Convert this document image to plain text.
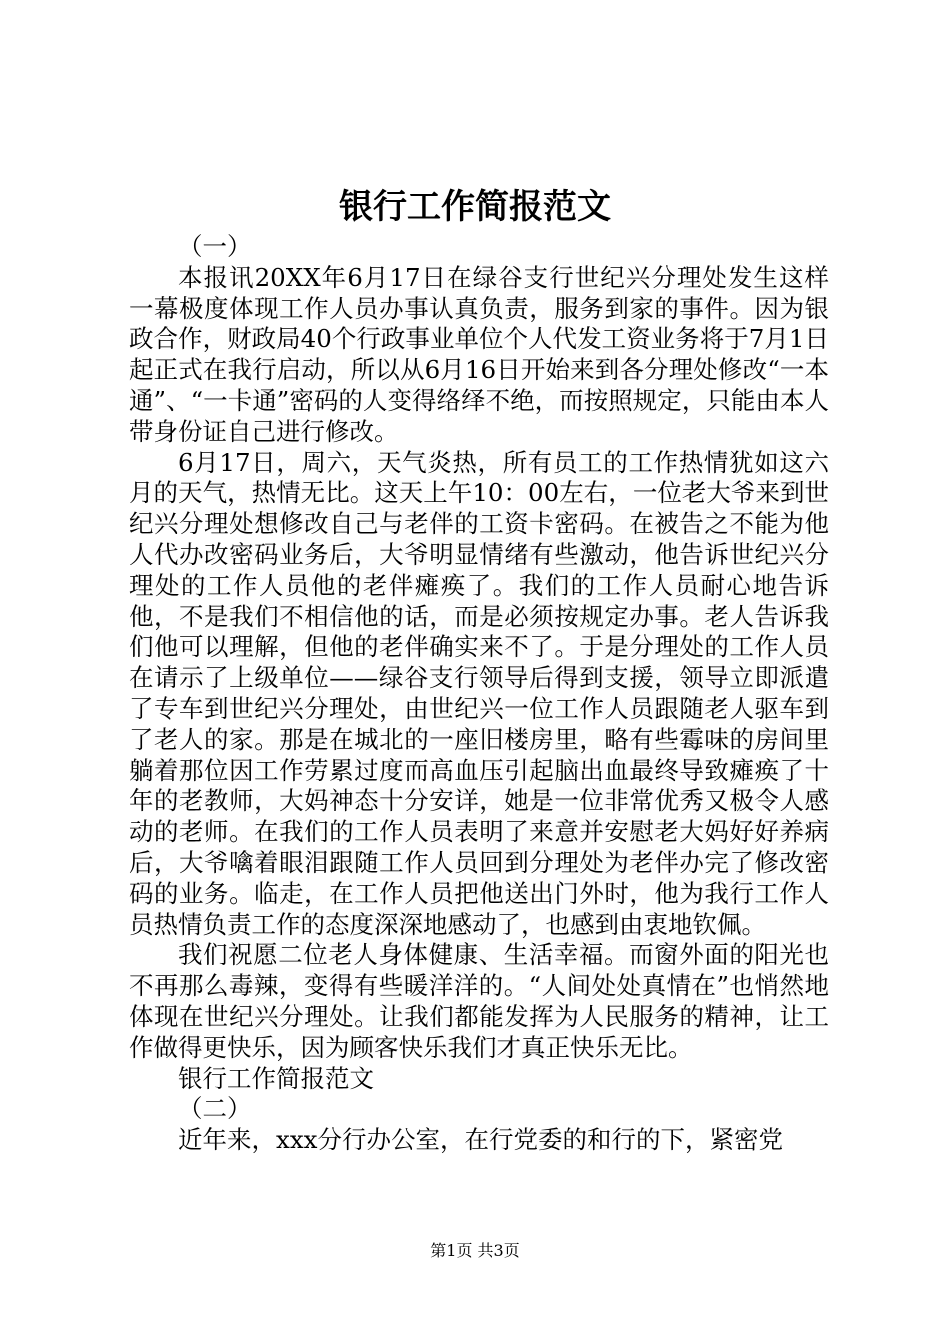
银行工作简报范文

（一）

本报讯20XX年6月17日在绿谷支行世纪兴分理处发生这样一幕极度体现工作人员办事认真负责，服务到家的事件。因为银政合作，财政局40个行政事业单位个人代发工资业务将于7月1日起正式在我行启动，所以从6月16日开始来到各分理处修改“一本通”、“一卡通”密码的人变得络绎不绝，而按照规定，只能由本人带身份证自己进行修改。

6月17日，周六，天气炎热，所有员工的工作热情犹如这六月的天气，热情无比。这天上午10：00左右，一位老大爷来到世纪兴分理处想修改自己与老伴的工资卡密码。在被告之不能为他人代办改密码业务后，大爷明显情绪有些激动，他告诉世纪兴分理处的工作人员他的老伴瘫痪了。我们的工作人员耐心地告诉他，不是我们不相信他的话，而是必须按规定办事。老人告诉我们他可以理解，但他的老伴确实来不了。于是分理处的工作人员在请示了上级单位——绿谷支行领导后得到支援，领导立即派遣了专车到世纪兴分理处，由世纪兴一位工作人员跟随老人驱车到了老人的家。那是在城北的一座旧楼房里，略有些霉味的房间里躺着那位因工作劳累过度而高血压引起脑出血最终导致瘫痪了十年的老教师，大妈神态十分安详，她是一位非常优秀又极令人感动的老师。在我们的工作人员表明了来意并安慰老大妈好好养病后，大爷噙着眼泪跟随工作人员回到分理处为老伴办完了修改密码的业务。临走，在工作人员把他送出门外时，他为我行工作人员热情负责工作的态度深深地感动了，也感到由衷地钦佩。

我们祝愿二位老人身体健康、生活幸福。而窗外面的阳光也不再那么毒辣，变得有些暖洋洋的。“人间处处真情在”也悄然地体现在世纪兴分理处。让我们都能发挥为人民服务的精神，让工作做得更快乐，因为顾客快乐我们才真正快乐无比。

银行工作简报范文

（二）

近年来，xxx分行办公室，在行党委的和行的下，紧密党

第1页 共3页
